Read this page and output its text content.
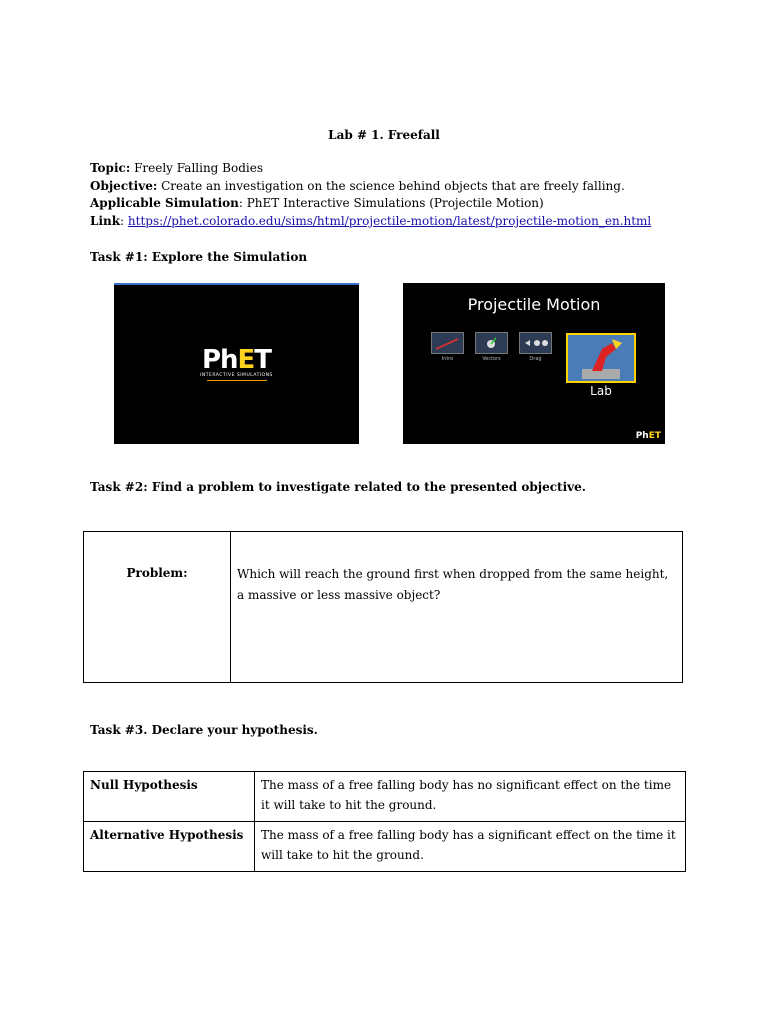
Lab # 1. Freefall
Topic: Freely Falling Bodies
Objective: Create an investigation on the science behind objects that are freely falling.
Applicable Simulation: PhET Interactive Simulations (Projectile Motion)
Link: https://phet.colorado.edu/sims/html/projectile-motion/latest/projectile-motion_en.html
Task #1: Explore the Simulation
PhET
INTERACTIVE SIMULATIONS
Projectile Motion
Intro	Vectors	Drag
Lab
PhET
Task #2: Find a problem to investigate related to the presented objective.
Problem:	Which will reach the ground first when dropped from the same height, a massive or less massive object?
Task #3. Declare your hypothesis.
Null Hypothesis	The mass of a free falling body has no significant effect on the time it will take to hit the ground.
Alternative Hypothesis	The mass of a free falling body has a significant effect on the time it will take to hit the ground.
